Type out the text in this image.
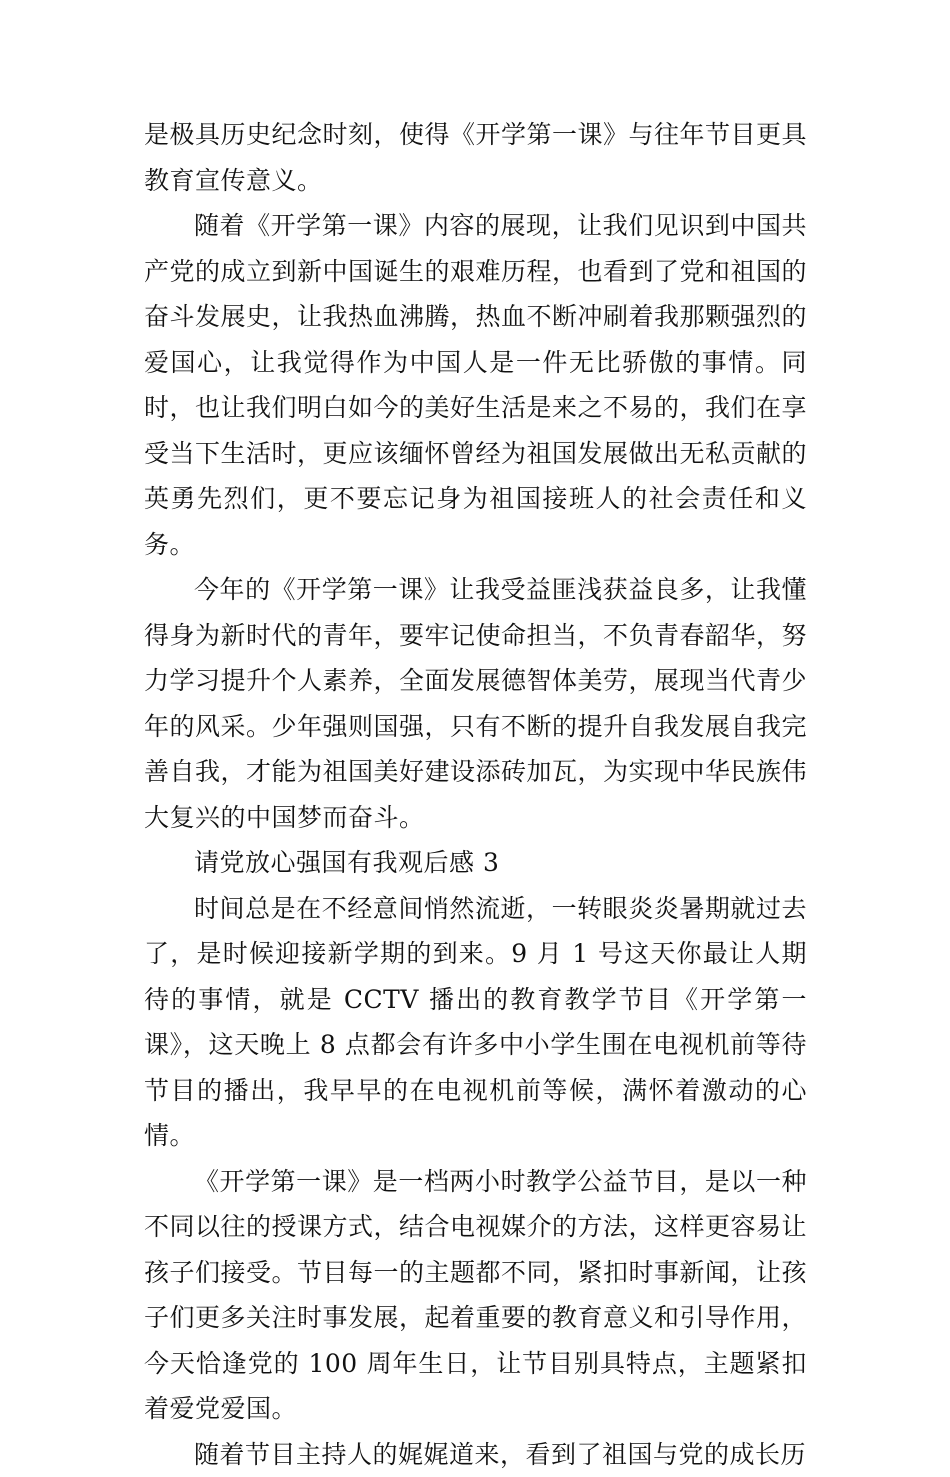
是极具历史纪念时刻，使得《开学第一课》与往年节目更具教育宣传意义。

随着《开学第一课》内容的展现，让我们见识到中国共产党的成立到新中国诞生的艰难历程，也看到了党和祖国的奋斗发展史，让我热血沸腾，热血不断冲刷着我那颗强烈的爱国心，让我觉得作为中国人是一件无比骄傲的事情。同时，也让我们明白如今的美好生活是来之不易的，我们在享受当下生活时，更应该缅怀曾经为祖国发展做出无私贡献的英勇先烈们，更不要忘记身为祖国接班人的社会责任和义务。

今年的《开学第一课》让我受益匪浅获益良多，让我懂得身为新时代的青年，要牢记使命担当，不负青春韶华，努力学习提升个人素养，全面发展德智体美劳，展现当代青少年的风采。少年强则国强，只有不断的提升自我发展自我完善自我，才能为祖国美好建设添砖加瓦，为实现中华民族伟大复兴的中国梦而奋斗。

请党放心强国有我观后感 3

时间总是在不经意间悄然流逝，一转眼炎炎暑期就过去了，是时候迎接新学期的到来。9 月 1 号这天你最让人期待的事情，就是 CCTV 播出的教育教学节目《开学第一课》，这天晚上 8 点都会有许多中小学生围在电视机前等待节目的播出，我早早的在电视机前等候，满怀着激动的心情。

《开学第一课》是一档两小时教学公益节目，是以一种不同以往的授课方式，结合电视媒介的方法，这样更容易让孩子们接受。节目每一的主题都不同，紧扣时事新闻，让孩子们更多关注时事发展，起着重要的教育意义和引导作用，今天恰逢党的 100 周年生日，让节目别具特点，主题紧扣着爱党爱国。

随着节目主持人的娓娓道来，看到了祖国与党的成长历
